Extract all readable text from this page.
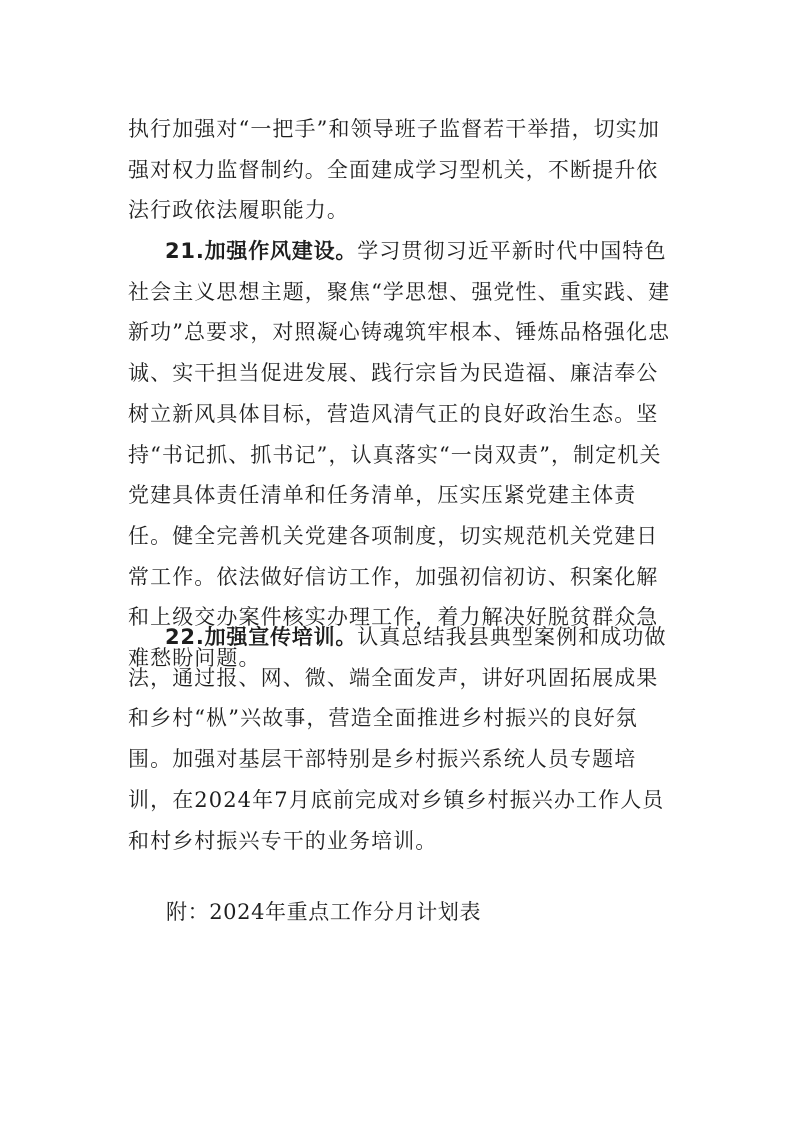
执行加强对“一把手”和领导班子监督若干举措，切实加强对权力监督制约。全面建成学习型机关，不断提升依法行政依法履职能力。

21.加强作风建设。学习贯彻习近平新时代中国特色社会主义思想主题，聚焦“学思想、强党性、重实践、建新功”总要求，对照凝心铸魂筑牢根本、锤炼品格强化忠诚、实干担当促进发展、践行宗旨为民造福、廉洁奉公树立新风具体目标，营造风清气正的良好政治生态。坚持“书记抓、抓书记”，认真落实“一岗双责”，制定机关党建具体责任清单和任务清单，压实压紧党建主体责任。健全完善机关党建各项制度，切实规范机关党建日常工作。依法做好信访工作，加强初信初访、积案化解和上级交办案件核实办理工作，着力解决好脱贫群众急难愁盼问题。

22.加强宣传培训。认真总结我县典型案例和成功做法，通过报、网、微、端全面发声，讲好巩固拓展成果和乡村“枞”兴故事，营造全面推进乡村振兴的良好氛围。加强对基层干部特别是乡村振兴系统人员专题培训，在2024年7月底前完成对乡镇乡村振兴办工作人员和村乡村振兴专干的业务培训。

附：2024年重点工作分月计划表
